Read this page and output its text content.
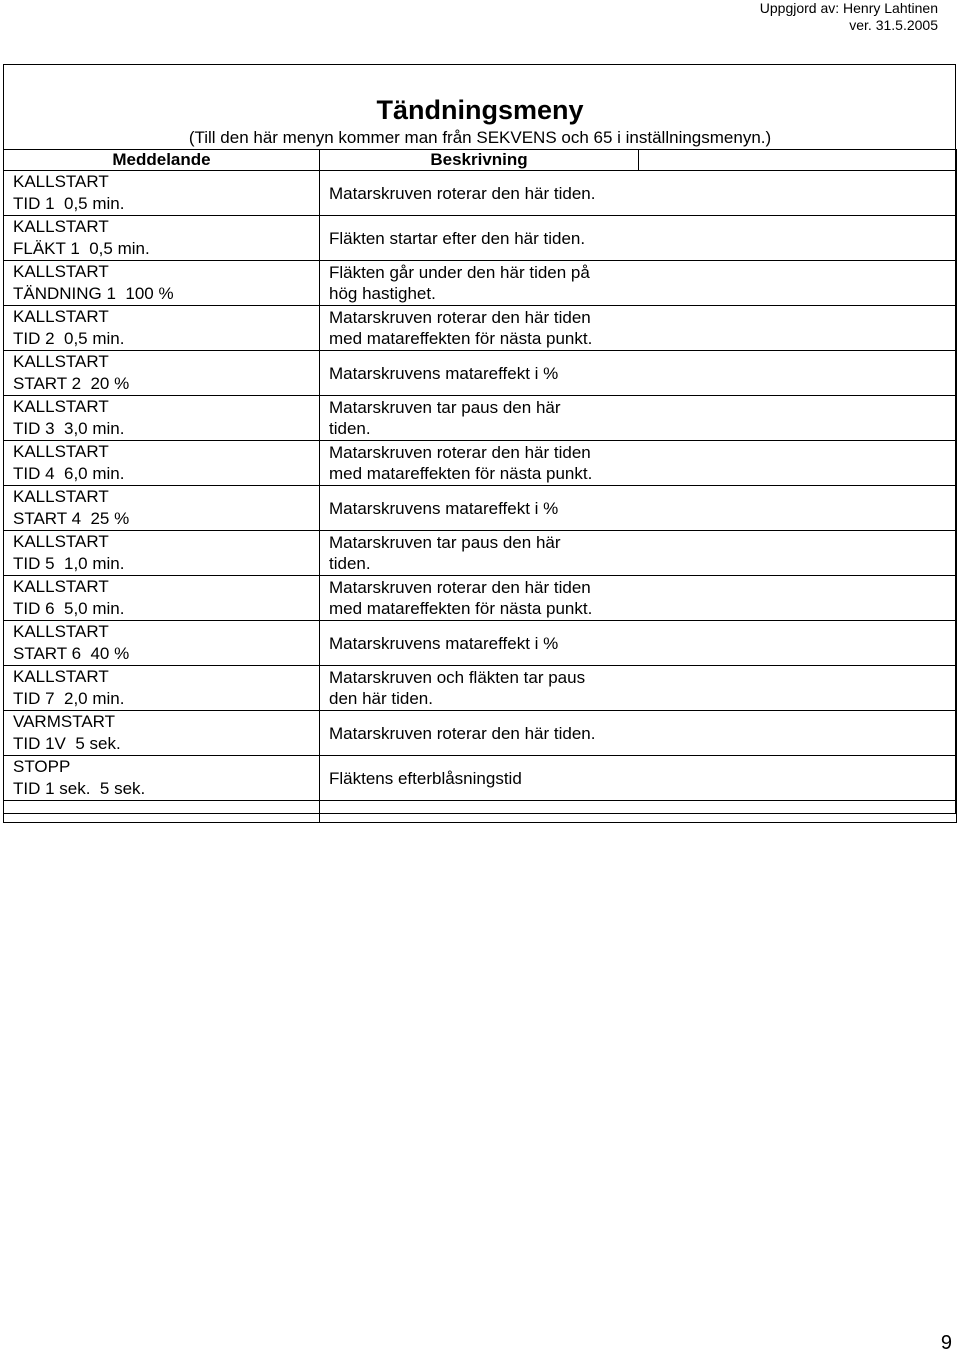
Uppgjord av: Henry Lahtinen
ver. 31.5.2005
Tändningsmeny
(Till den här menyn kommer man från SEKVENS och 65 i inställningsmenyn.)
Meddelande	Beskrivning	

KALLSTART
TID 1  0,5 min.	Matarskruven roterar den här tiden.	

KALLSTART
FLÄKT 1  0,5 min.	Fläkten startar efter den här tiden.	

KALLSTART
TÄNDNING 1  100 %	Fläkten går under den här tiden på
hög hastighet.	

KALLSTART
TID 2  0,5 min.	Matarskruven roterar den här tiden
med matareffekten för nästa punkt.	

KALLSTART
START 2  20 %	Matarskruvens matareffekt i %	

KALLSTART
TID 3  3,0 min.	Matarskruven tar paus den här
tiden.	

KALLSTART
TID 4  6,0 min.	Matarskruven roterar den här tiden
med matareffekten för nästa punkt.	

KALLSTART
START 4  25 %	Matarskruvens matareffekt i %	

KALLSTART
TID 5  1,0 min.	Matarskruven tar paus den här
tiden.	

KALLSTART
TID 6  5,0 min.	Matarskruven roterar den här tiden
med matareffekten för nästa punkt.	

KALLSTART
START 6  40 %	Matarskruvens matareffekt i %	

KALLSTART
TID 7  2,0 min.	Matarskruven och fläkten tar paus
den här tiden.	

VARMSTART
TID 1V  5 sek.	Matarskruven roterar den här tiden.	

STOPP
TID 1 sek.  5 sek.	Fläktens efterblåsningstid	

9
